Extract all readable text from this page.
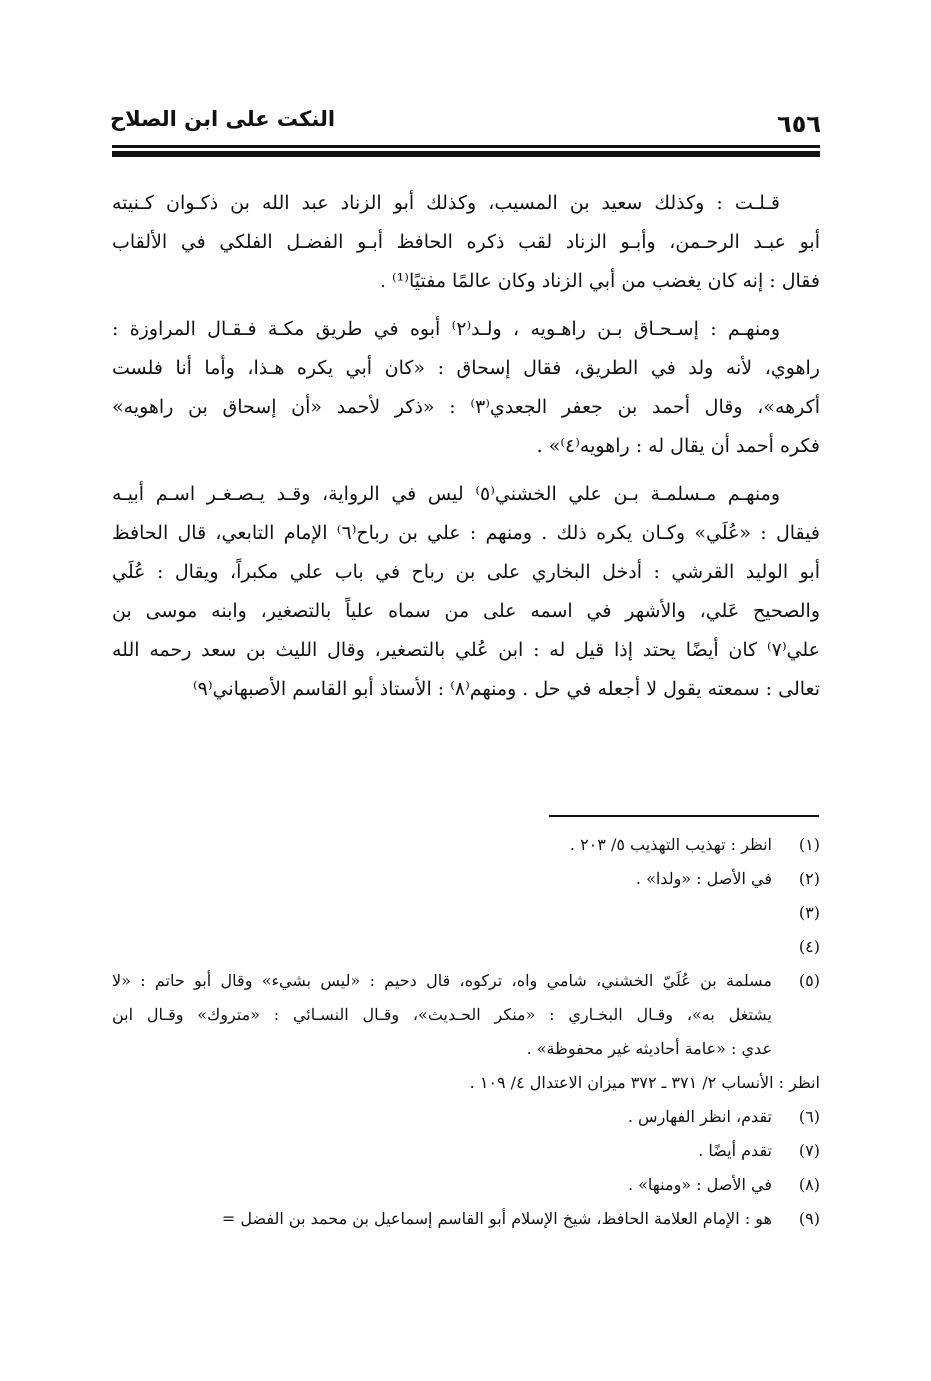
النكت على ابن الصلاح	٦٥٦

قـلـت : وكذلك سعيد بن المسيب، وكذلك أبو الزناد عبد الله بن ذكـوان كـنيته
أبو عبـد الرحـمن، وأبـو الزناد لقب ذكره الحافظ أبـو الفضـل الفلكي في الألقاب
فقال : إنه كان يغضب من أبي الزناد وكان عالمًا مفتيًا⁽¹⁾ .

ومنهـم : إسـحـاق بـن راهـويه ، ولـد⁽٢⁾ أبوه في طريق مكـة فـقـال المراوزة :
راهوي، لأنه ولد في الطريق، فقال إسحاق : «كان أبي يكره هـذا، وأما أنا فلست
أكرهه»، وقال أحمد بن جعفر الجعدي⁽٣⁾ : «ذكر لأحمد «أن إسحاق بن راهويه»
فكره أحمد أن يقال له : راهويه⁽٤⁾» .

ومنهـم مـسلمـة بـن علي الخشني⁽٥⁾ ليس في الرواية، وقـد يـصـغـر اسـم أبيـه
فيقال : «عُلَي» وكـان يكره ذلك . ومنهم : علي بن رباح⁽٦⁾ الإمام التابعي، قال الحافظ
أبو الوليد القرشي : أدخل البخاري على بن رباح في باب علي مكبراً، ويقال : عُلَي
والصحيح عَلي، والأشهر في اسمه على من سماه علياً بالتصغير، وابنه موسى بن
علي⁽٧⁾ كان أيضًا يحتد إذا قيل له : ابن عُلي بالتصغير، وقال الليث بن سعد رحمه الله
تعالى : سمعته يقول لا أجعله في حل . ومنهم⁽٨⁾ : الأستاذ أبو القاسم الأصبهاني⁽٩⁾

(١)
انظر : تهذيب التهذيب ٥/ ٢٠٣ .
(٢)
في الأصل : «ولدا» .
(٣)
(٤)
(٥)
مسلمة بن عُلَيّ الخشني، شامي واه، تركوه، قال دحيم : «ليس بشيء» وقال أبو حاتم : «لا
يشتغل به»، وقـال البخـاري : «منكر الحـديث»، وقـال النسـائي : «متروك» وقـال ابن
عدي : «عامة أحاديثه غير محفوظة» .
انظر : الأنساب ٢/ ٣٧١ ـ ٣٧٢ ميزان الاعتدال ٤/ ١٠٩ .
(٦)
تقدم، انظر الفهارس .
(٧)
تقدم أيضًا .
(٨)
في الأصل : «ومنها» .
(٩)
هو : الإمام العلامة الحافظ، شيخ الإسلام أبو القاسم إسماعيل بن محمد بن الفضل =
